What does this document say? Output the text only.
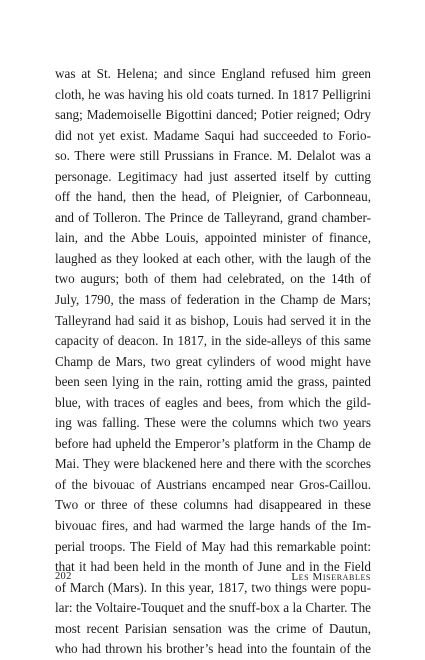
was at St. Helena; and since England refused him green
cloth, he was having his old coats turned. In 1817 Pelligrini
sang; Mademoiselle Bigottini danced; Potier reigned; Odry
did not yet exist. Madame Saqui had succeeded to Forio-
so. There were still Prussians in France. M. Delalot was a
personage. Legitimacy had just asserted itself by cutting
off the hand, then the head, of Pleignier, of Carbonneau,
and of Tolleron. The Prince de Talleyrand, grand chamber-
lain, and the Abbe Louis, appointed minister of finance,
laughed as they looked at each other, with the laugh of the
two augurs; both of them had celebrated, on the 14th of
July, 1790, the mass of federation in the Champ de Mars;
Talleyrand had said it as bishop, Louis had served it in the
capacity of deacon. In 1817, in the side-alleys of this same
Champ de Mars, two great cylinders of wood might have
been seen lying in the rain, rotting amid the grass, painted
blue, with traces of eagles and bees, from which the gild-
ing was falling. These were the columns which two years
before had upheld the Emperor’s platform in the Champ de
Mai. They were blackened here and there with the scorches
of the bivouac of Austrians encamped near Gros-Caillou.
Two or three of these columns had disappeared in these
bivouac fires, and had warmed the large hands of the Im-
perial troops. The Field of May had this remarkable point:
that it had been held in the month of June and in the Field
of March (Mars). In this year, 1817, two things were popu-
lar: the Voltaire-Touquet and the snuff-box a la Charter. The
most recent Parisian sensation was the crime of Dautun,
who had thrown his brother’s head into the fountain of the
202	Les Miserables
